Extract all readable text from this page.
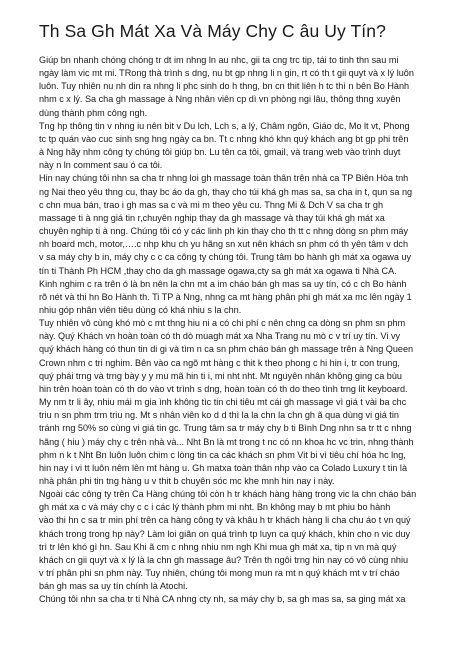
Th Sa Gh Mát Xa Và Máy Chy C âu Uy Tín?

Giúp bn nhanh chóng chóng tr dt im nhng ln au nhc, gii ta cng trc tip, tái to tinh thn sau mi
ngày làm vic mt mi. TRong thà trình s dng, nu bt gp nhng li n gin, rt có th t gii quyt và x lý luôn
luôn. Tuy nhiên nu nh din ra nhng li phc sinh do h thng, bn cn thit liên h tc thì n bên Bo Hành
nhm c x lý. Sa cha gh massage à Nng nhân viên cp dì vn phòng ngi lâu, thông thng xuyên
dùng thành phm công ngh.

Tng hp thông tin v nhng iu nên bit v Du lch, Lch s, a lý, Châm ngôn, Giáo dc, Mo lt vt, Phong
tc tp quán vào cuc sinh sng hng ngày ca bn. Tt c nhng khó khn quý khách ang bt gp phi trên
à Nng hãy nhm công ty chúng tôi giúp bn. Lu tên ca tôi, gmail, và trang web vào trình duyt
này n ln comment sau ó ca tôi.

Hin nay chúng tôi nhn sa cha tr nhng loi gh massage toàn thân trên nhà ca TP Biên Hòa tnh
ng Nai theo yêu thng cu, thay bc áo da gh, thay cho túi khá gh mas sa, sa cha in t, qun sa ng
c chn mua bán, trao i gh mas sa c và mi m theo yêu cu. Thng Mi & Dch V sa cha tr gh
massage ti à nng giá tin r,chuyên nghip thay da gh massage và thay túi khá gh mát xa
chuyên nghip ti à nng. Chúng tôi có y các linh ph kin thay cho th tt c nhng dòng sn phm máy
nh board mch, motor,….c nhp khu ch yu hãng sn xut nên khách sn phm có th yên tâm v dch
v sa máy chy b in, máy chy c c ca công ty chúng tôi. Trung tâm bo hành gh mát xa ogawa uy
tín ti Thành Ph HCM ,thay cho da gh massage ogawa,cty sa gh mát xa ogawa ti Nhà CA.
Kinh nghim c ra trên ó là bn nên la chn mt a im cháo bán gh mas sa uy tín, có c ch Bo hành
rõ nét và thi hn Bo Hành th. Ti TP à Nng, nhng ca mt hàng phân phi gh mát xa mc lên ngày 1
nhiu góp nhân viên tiêu dùng có khá nhiu s la chn.

Tuy nhiên vô cùng khó mò c mt thng hiu ni a có chi phí c nên chng ca dòng sn phm sn phm
này. Quý Khách vn hoàn toàn có th dò muagh mát xa Nha Trang nu mò c v trí uy tín. Vi vy
quý khách hàng có thun tin di gi và tìm n ca sn phm cháo bán gh massage trên à Nng Queen
Crown nhm c tri nghim. Bên vào ca ngõ mt hàng c thit k theo phong c hi hin i, tr con trung,
quý phái trng và trng bày y y mu mã hin ti i, mi nht nht. Mt nguyên nhân không ging ca bùu
hin trên hoàn toàn có th do vào vt trình s dng, hoàn toàn có th do theo tình trng lit keyboard.
My nm tr li ây, nhiu mái m gia ình không tìc tin chi tiêu mt cái gh massage vì giá t vài ba chc
triu n sn phm trm triu ng. Mt s nhân viên ko d d thì la la chn la chn gh ã qua dùng vi giá tin
tránh rng 50% so cùng vi giá tin gc. Trung tâm sa tr máy chy b ti Bình Dng nhn sa tr tt c nhng
hãng ( hiu ) máy chy c trên nhà và... Nht Bn là mt trong t nc có nn khoa hc vc trin, nhng thành
phm n k t Nht Bn luôn luôn chim c lòng tin ca các khách sn phm Vit bi vì tiêu chí hóa hc lng,
hin nay i vi tt luôn nêm lên mt hàng u. Gh matxa toàn thân nhp vào ca Colado Luxury t tin là
nhà phân phi tin tng hàng u v thit b chuyên sóc mc khe mnh hin nay i này.

Ngoài các công ty trên Ca Hàng chúng tôi còn h tr khách hàng hàng trong vic la chn cháo bán
gh mát xa c và máy chy c c i các lý thành phm mi nht. Bn không may b mt phiu bo hành
vào thi hn c sa tr min phí trên ca hàng công ty và khâu h tr khách hàng li cha chu áo t vn quý
khách trong trong hp này? Làm loi giãn on quá trình tp luyn ca quý khách, khin cho n vic duy
trì tr lên khó gì hn. Sau Khi ã cm c nhng nhiu nm ngh Khi mua gh mát xa, tip n vn mà quý
khách cn gii quyt và x lý là la chn gh massage âu? Trên th ngôi trng hin nay có vô cùng nhiu
v trí phân phi sn phm này. Tuy nhiên, chúng tôi mong mun ra mt n quý khách mt v trí cháo
bán gh mas sa uy tín chính là Atochi.

Chúng tôi nhn sa cha tr ti Nhà CA nhng cty nh, sa máy chy b, sa gh mas sa, sa ging mát xa
